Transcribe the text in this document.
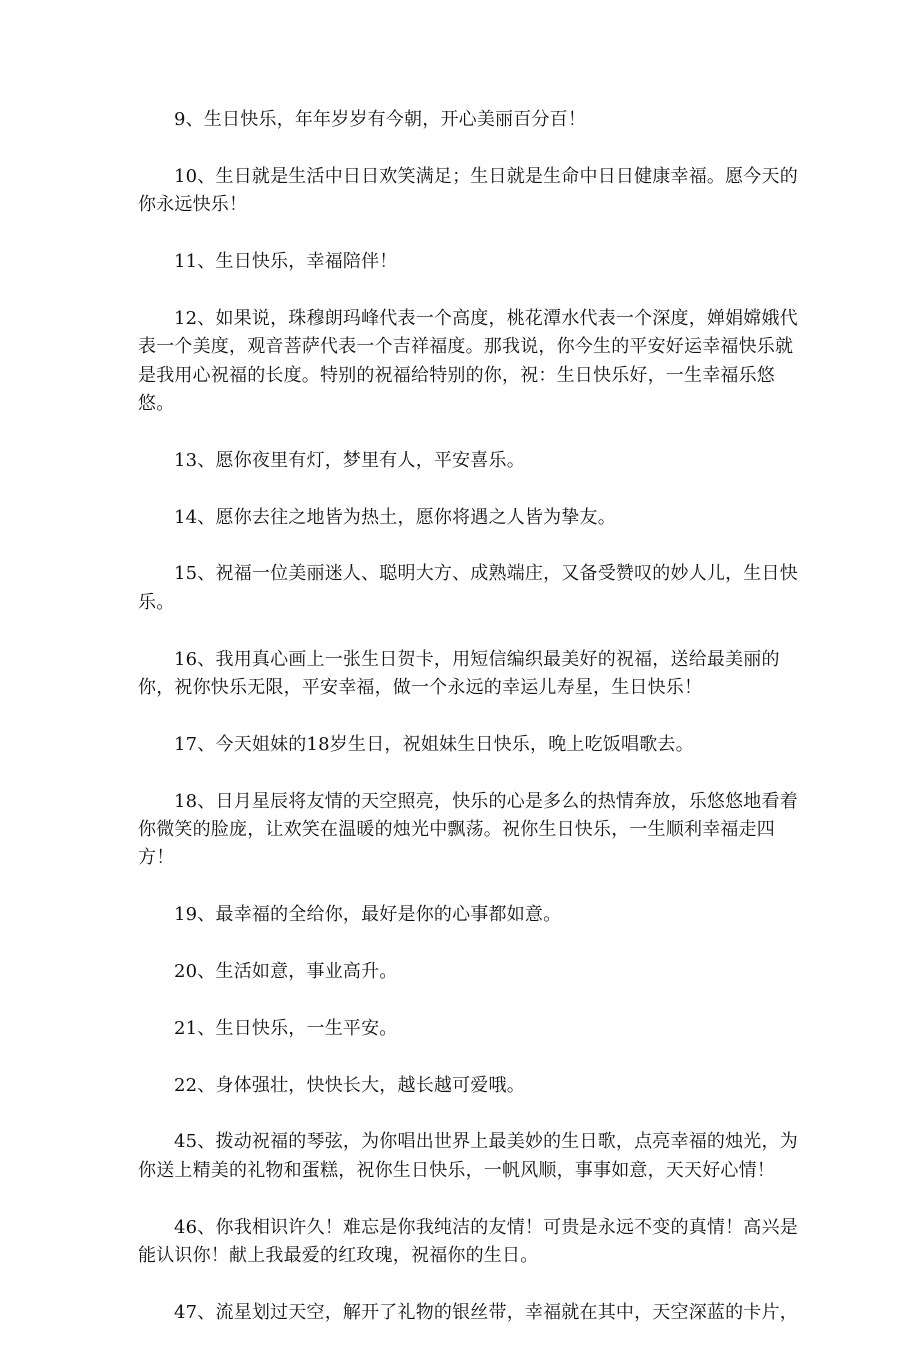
9、生日快乐，年年岁岁有今朝，开心美丽百分百！

10、生日就是生活中日日欢笑满足；生日就是生命中日日健康幸福。愿今天的你永远快乐！

11、生日快乐，幸福陪伴！

12、如果说，珠穆朗玛峰代表一个高度，桃花潭水代表一个深度，婵娟嫦娥代表一个美度，观音菩萨代表一个吉祥福度。那我说，你今生的平安好运幸福快乐就是我用心祝福的长度。特别的祝福给特别的你，祝：生日快乐好，一生幸福乐悠悠。

13、愿你夜里有灯，梦里有人，平安喜乐。

14、愿你去往之地皆为热土，愿你将遇之人皆为挚友。

15、祝福一位美丽迷人、聪明大方、成熟端庄，又备受赞叹的妙人儿，生日快乐。

16、我用真心画上一张生日贺卡，用短信编织最美好的祝福，送给最美丽的你，祝你快乐无限，平安幸福，做一个永远的幸运儿寿星，生日快乐！

17、今天姐妹的18岁生日，祝姐妹生日快乐，晚上吃饭唱歌去。

18、日月星辰将友情的天空照亮，快乐的心是多么的热情奔放，乐悠悠地看着你微笑的脸庞，让欢笑在温暖的烛光中飘荡。祝你生日快乐，一生顺利幸福走四方！

19、最幸福的全给你，最好是你的心事都如意。

20、生活如意，事业高升。

21、生日快乐，一生平安。

22、身体强壮，快快长大，越长越可爱哦。

45、拨动祝福的琴弦，为你唱出世界上最美妙的生日歌，点亮幸福的烛光，为你送上精美的礼物和蛋糕，祝你生日快乐，一帆风顺，事事如意，天天好心情！

46、你我相识许久！难忘是你我纯洁的友情！可贵是永远不变的真情！高兴是能认识你！献上我最爱的红玫瑰，祝福你的生日。

47、流星划过天空，解开了礼物的银丝带，幸福就在其中，天空深蓝的卡片，
